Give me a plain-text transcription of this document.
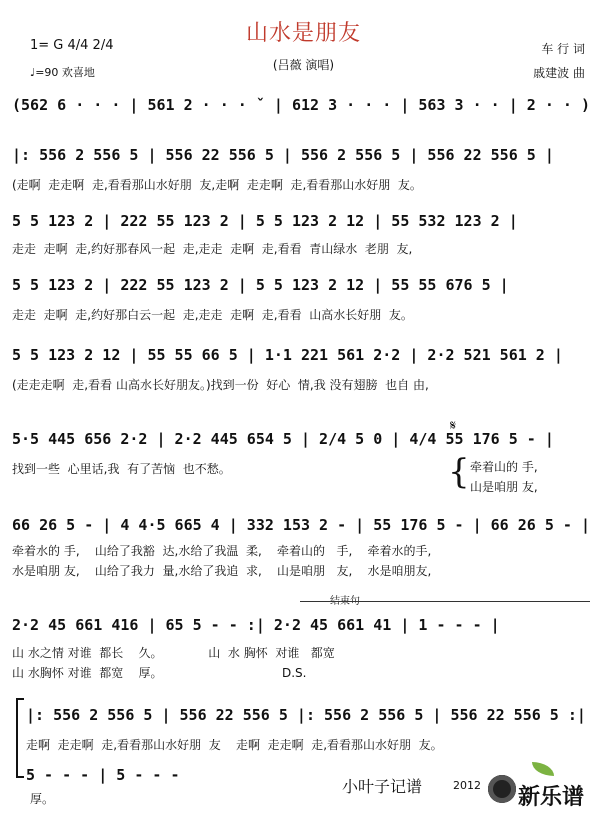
山水是朋友
(吕薇 演唱)
1= G 4/4 2/4
♩=90 欢喜地
车 行 词
戚建波 曲
(562 6 · · · | 561 2 · · · ˇ | 612 3 · · · | 563 3 · · | 2 · · )
|: 556 2 556 5 | 556 22 556 5 | 556 2 556 5 | 556 22 556 5 |
(走啊  走走啊  走,看看那山水好朋  友,走啊  走走啊  走,看看那山水好朋  友。
5 5 123 2 | 222 55 123 2 | 5 5 123 2 12 | 55 532 123 2 |
走走  走啊  走,约好那春风一起  走,走走  走啊  走,看看  青山绿水  老朋  友,
5 5 123 2 | 222 55 123 2 | 5 5 123 2 12 | 55 55 676 5 |
走走  走啊  走,约好那白云一起  走,走走  走啊  走,看看  山高水长好朋  友。
5 5 123 2 12 | 55 55 66 5 | 1·1 221 561 2·2 | 2·2 521 561 2 |
(走走走啊  走,看看 山高水长好朋友。)找到一份  好心  情,我 没有翅膀  也自 由,
𝄋
5·5 445 656 2·2 | 2·2 445 654 5 | 2/4 5 0 | 4/4 55 176 5 - |
找到一些  心里话,我  有了苦恼  也不愁。	{ 牵着山的 手,
山是咱朋 友,
66 26 5 - | 4 4·5 665 4 | 332 153 2 - | 55 176 5 - | 66 26 5 - |
牵着水的 手,    山给了我豁  达,水给了我温  柔,    牵着山的   手,    牵着水的手,
水是咱朋 友,    山给了我力  量,水给了我追  求,    山是咱朋   友,    水是咱朋友,
结束句
2·2 45 661 416 | 65 5 - - :| 2·2 45 661 41 | 1 - - - |
山 水之情 对谁  都长    久。            山  水 胸怀  对谁   都宽
山 水胸怀 对谁  都宽    厚。	D.S.
|: 556 2 556 5 | 556 22 556 5 |: 556 2 556 5 | 556 22 556 5 :|
走啊  走走啊  走,看看那山水好朋  友    走啊  走走啊  走,看看那山水好朋  友。
5 - - - | 5 - - -
厚。
小叶子记谱	2012 新乐谱
